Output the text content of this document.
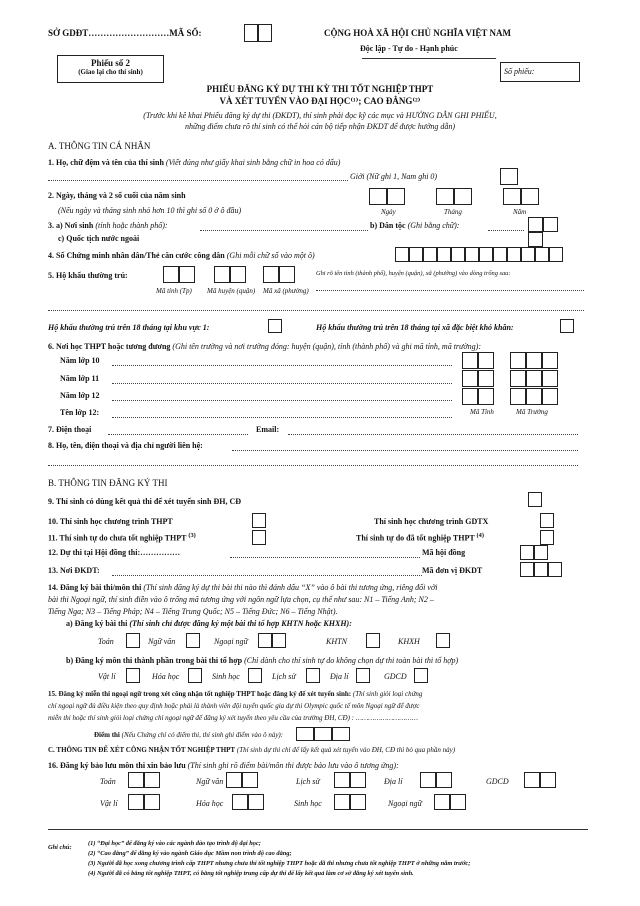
SỞ GDĐT………………………MÃ SỐ:	CỘNG HOÀ XÃ HỘI CHỦ NGHĨA VIỆT NAM
Độc lập - Tự do - Hạnh phúc
Phiếu số 2
(Giao lại cho thí sinh)	Số phiếu:
PHIẾU ĐĂNG KÝ DỰ THI KỲ THI TỐT NGHIỆP THPT
VÀ XÉT TUYỂN VÀO ĐẠI HỌC⁽¹⁾; CAO ĐẲNG⁽²⁾
(Trước khi kê khai Phiếu đăng ký dự thi (ĐKDT), thí sinh phải đọc kỹ các mục và HƯỚNG DẪN GHI PHIẾU,
những điểm chưa rõ thí sinh có thể hỏi cán bộ tiếp nhận ĐKDT để được hướng dẫn)
A. THÔNG TIN CÁ NHÂN
1. Họ, chữ đệm và tên của thí sinh (Viết đúng như giấy khai sinh bằng chữ in hoa có dấu)
Giới (Nữ ghi 1, Nam ghi 0)
2. Ngày, tháng và 2 số cuối của năm sinh
(Nếu ngày và tháng sinh nhỏ hơn 10 thì ghi số 0 ở ô đầu)	Ngày	Tháng	Năm
3. a) Nơi sinh (tỉnh hoặc thành phố):	b) Dân tộc (Ghi bằng chữ):
c) Quốc tịch nước ngoài
4. Số Chứng minh nhân dân/Thẻ căn cước công dân (Ghi mỗi chữ số vào một ô)
5. Hộ khẩu thường trú:	Ghi rõ tên tỉnh (thành phố), huyện (quận), xã (phường) vào dòng trống sau:
Mã tỉnh (Tp) Mã huyện (quận) Mã xã (phường)
Hộ khẩu thường trú trên 18 tháng tại khu vực 1:	Hộ khẩu thường trú trên 18 tháng tại xã đặc biệt khó khăn:
6. Nơi học THPT hoặc tương đương (Ghi tên trường và nơi trường đóng: huyện (quận), tỉnh (thành phố) và ghi mã tỉnh, mã trường):
Năm lớp 10
Năm lớp 11
Năm lớp 12
Tên lớp 12:	Mã Tỉnh	Mã Trường
7. Điện thoại	Email:
8. Họ, tên, điện thoại và địa chỉ người liên hệ:
B. THÔNG TIN ĐĂNG KÝ THI
9. Thí sinh có dùng kết quả thi để xét tuyển sinh ĐH, CĐ
10. Thí sinh học chương trình THPT	Thí sinh học chương trình GDTX
11. Thí sinh tự do chưa tốt nghiệp THPT $^{(3)}$	Thí sinh tự do đã tốt nghiệp THPT $^{(4)}$
12. Dự thi tại Hội đồng thi:……………	Mã hội đồng
13. Nơi ĐKDT:	Mã đơn vị ĐKDT
14. Đăng ký bài thi/môn thi (Thí sinh đăng ký dự thi bài thi nào thì đánh dấu “X” vào ô bài thi tương ứng, riêng đối với
bài thi Ngoại ngữ, thí sinh điền vào ô trống mã tương ứng với ngôn ngữ lựa chọn, cụ thể như sau: N1 – Tiếng Anh; N2 –
Tiếng Nga; N3 – Tiếng Pháp; N4 – Tiếng Trung Quốc; N5 – Tiếng Đức; N6 – Tiếng Nhật).
a) Đăng ký bài thi (Thí sinh chỉ được đăng ký một bài thi tổ hợp KHTN hoặc KHXH):
Toán	Ngữ văn	Ngoại ngữ	KHTN	KHXH
b) Đăng ký môn thi thành phần trong bài thi tổ hợp (Chỉ dành cho thí sinh tự do không chọn dự thi toàn bài thi tổ hợp)
Vật lí	Hóa học	Sinh học	Lịch sử	Địa lí	GDCD
15. Đăng ký miễn thi ngoại ngữ trong xét công nhận tốt nghiệp THPT hoặc đăng ký để xét tuyển sinh: (Thí sinh giỏi loại chứng
chỉ ngoại ngữ đủ điều kiện theo quy định hoặc phải là thành viên đội tuyển quốc gia dự thi Olympic quốc tế môn Ngoại ngữ để được
miễn thi hoặc thí sinh giỏi loại chứng chỉ ngoại ngữ để đăng ký xét tuyển theo yêu cầu của trường ĐH, CĐ) : …………………………
Điểm thi (Nếu Chứng chỉ có điểm thi, thí sinh ghi điểm vào ô này):
C. THÔNG TIN ĐỂ XÉT CÔNG NHẬN TỐT NGHIỆP THPT (Thí sinh dự thi chỉ để lấy kết quả xét tuyển vào ĐH, CĐ thì bỏ qua phần này)
16. Đăng ký bảo lưu môn thi xin bảo lưu (Thí sinh ghi rõ điểm bài/môn thi được bảo lưu vào ô tương ứng):
Toán	Ngữ văn	Lịch sử	Địa lí	GDCD
Vật lí	Hóa học	Sinh học	Ngoại ngữ
Ghi chú:
(1) “Đại học” để đăng ký vào các ngành đào tạo trình độ đại học;
(2) “Cao đẳng” để đăng ký vào ngành Giáo dục Mầm non trình độ cao đẳng;
(3) Người đã học xong chương trình cấp THPT nhưng chưa thi tốt nghiệp THPT hoặc đã thi nhưng chưa tốt nghiệp THPT ở những năm trước;
(4) Người đã có bằng tốt nghiệp THPT, có bằng tốt nghiệp trung cấp dự thi để lấy kết quả làm cơ sở đăng ký xét tuyển sinh.
